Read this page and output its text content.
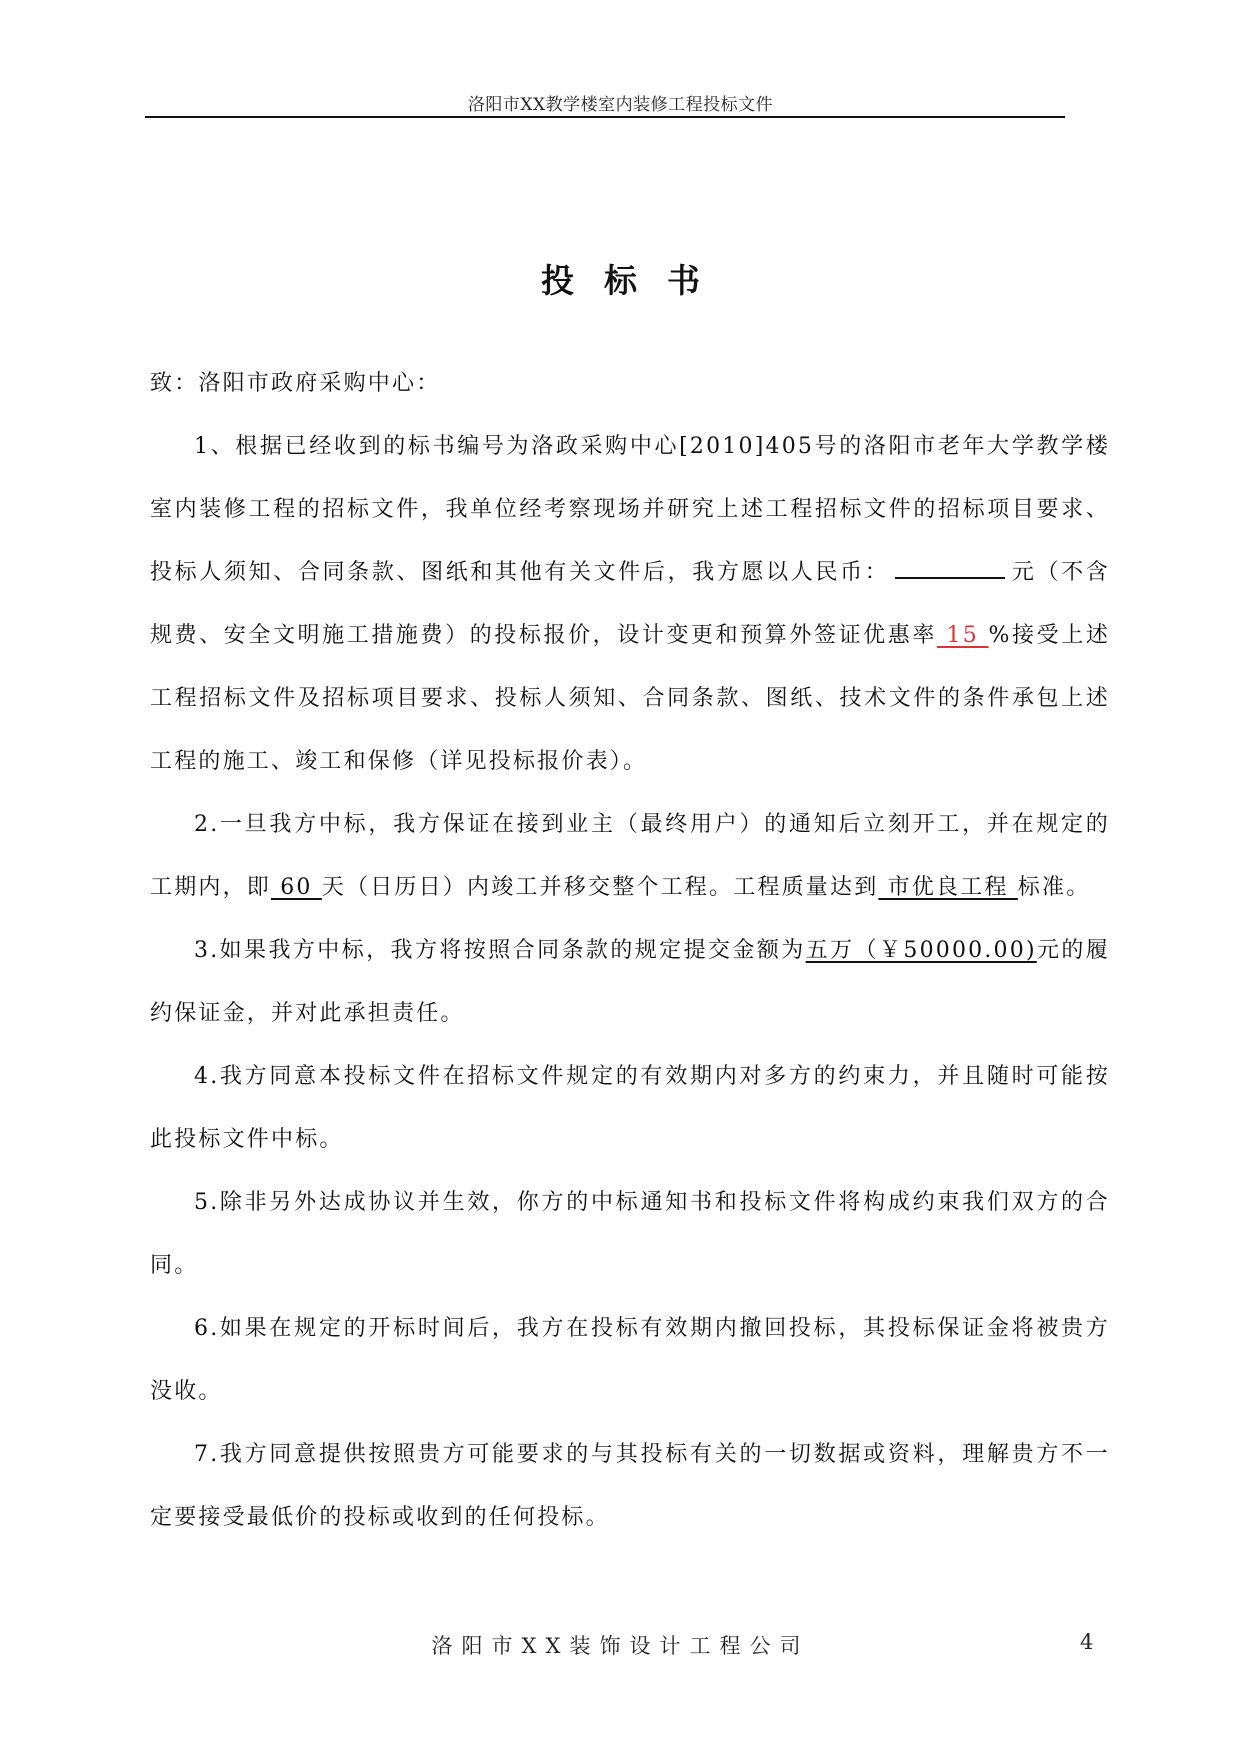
洛阳市XX教学楼室内装修工程投标文件
投标书

致：洛阳市政府采购中心：

1、根据已经收到的标书编号为洛政采购中心[2010]405号的洛阳市老年大学教学楼室内装修工程的招标文件，我单位经考察现场并研究上述工程招标文件的招标项目要求、投标人须知、合同条款、图纸和其他有关文件后，我方愿以人民币：	元（不含规费、安全文明施工措施费）的投标报价，设计变更和预算外签证优惠率 15 %接受上述工程招标文件及招标项目要求、投标人须知、合同条款、图纸、技术文件的条件承包上述工程的施工、竣工和保修（详见投标报价表）。

2.一旦我方中标，我方保证在接到业主（最终用户）的通知后立刻开工，并在规定的工期内，即 60 天（日历日）内竣工并移交整个工程。工程质量达到 市优良工程 标准。

3.如果我方中标，我方将按照合同条款的规定提交金额为五万（￥50000.00)元的履约保证金，并对此承担责任。

4.我方同意本投标文件在招标文件规定的有效期内对多方的约束力，并且随时可能按此投标文件中标。

5.除非另外达成协议并生效，你方的中标通知书和投标文件将构成约束我们双方的合同。

6.如果在规定的开标时间后，我方在投标有效期内撤回投标，其投标保证金将被贵方没收。

7.我方同意提供按照贵方可能要求的与其投标有关的一切数据或资料，理解贵方不一定要接受最低价的投标或收到的任何投标。

洛阳市XX装饰设计工程公司	4
